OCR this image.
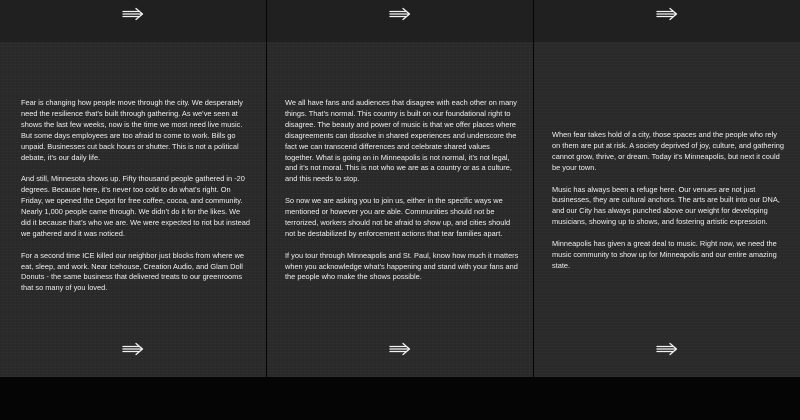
Fear is changing how people move through the city. We desperately need the resilience that’s built through gathering. As we’ve seen at shows the last few weeks, now is the time we most need live music. But some days employees are too afraid to come to work. Bills go unpaid. Businesses cut back hours or shutter. This is not a political debate, it’s our daily life.

And still, Minnesota shows up. Fifty thousand people gathered in -20 degrees. Because here, it’s never too cold to do what’s right. On Friday, we opened the Depot for free coffee, cocoa, and community. Nearly 1,000 people came through. We didn’t do it for the likes. We did it because that’s who we are. We were expected to riot but instead we gathered and it was noticed.

For a second time ICE killed our neighbor just blocks from where we eat, sleep, and work. Near Icehouse, Creation Audio, and Glam Doll Donuts - the same business that delivered treats to our greenrooms that so many of you loved.

We all have fans and audiences that disagree with each other on many things. That’s normal. This country is built on our foundational right to disagree. The beauty and power of music is that we offer places where disagreements can dissolve in shared experiences and underscore the fact we can transcend differences and celebrate shared values together. What is going on in Minneapolis is not normal, it’s not legal, and it’s not moral. This is not who we are as a country or as a culture, and this needs to stop.

So now we are asking you to join us, either in the specific ways we mentioned or however you are able. Communities should not be terrorized, workers should not be afraid to show up, and cities should not be destabilized by enforcement actions that tear families apart.

If you tour through Minneapolis and St. Paul, know how much it matters when you acknowledge what’s happening and stand with your fans and the people who make the shows possible.

When fear takes hold of a city, those spaces and the people who rely on them are put at risk. A society deprived of joy, culture, and gathering cannot grow, thrive, or dream. Today it’s Minneapolis, but next it could be your town.

Music has always been a refuge here. Our venues are not just businesses, they are cultural anchors. The arts are built into our DNA, and our City has always punched above our weight for developing musicians, showing up to shows, and fostering artistic expression.

Minneapolis has given a great deal to music. Right now, we need the music community to show up for Minneapolis and our entire amazing state.
